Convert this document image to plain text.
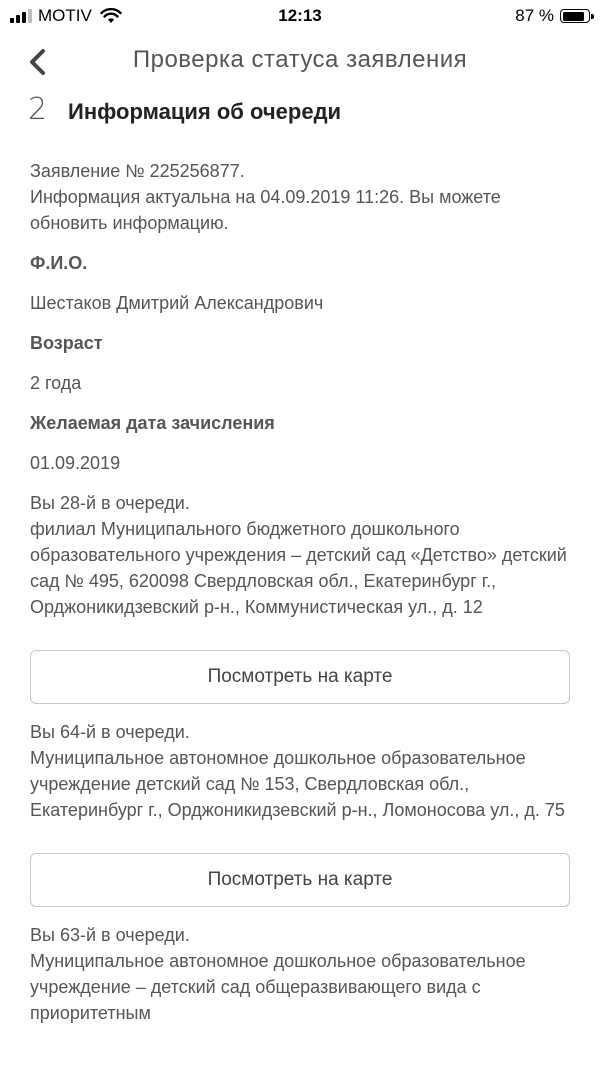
MOTIV	12:13	87 %
Проверка статуса заявления
2 Информация об очереди

Заявление № 225256877.

Информация актуальна на 04.09.2019 11:26. Вы можете обновить информацию.

Ф.И.О.

Шестаков Дмитрий Александрович

Возраст

2 года

Желаемая дата зачисления

01.09.2019

Вы 28-й в очереди.

филиал Муниципального бюджетного дошкольного образовательного учреждения – детский сад «Детство» детский сад № 495, 620098 Свердловская обл., Екатеринбург г., Орджоникидзевский р-н., Коммунистическая ул., д. 12

Посмотреть на карте

Вы 64-й в очереди.

Муниципальное автономное дошкольное образовательное учреждение детский сад № 153, Свердловская обл., Екатеринбург г., Орджоникидзевский р-н., Ломоносова ул., д. 75

Посмотреть на карте

Вы 63-й в очереди.

Муниципальное автономное дошкольное образовательное учреждение – детский сад общеразвивающего вида с приоритетным
